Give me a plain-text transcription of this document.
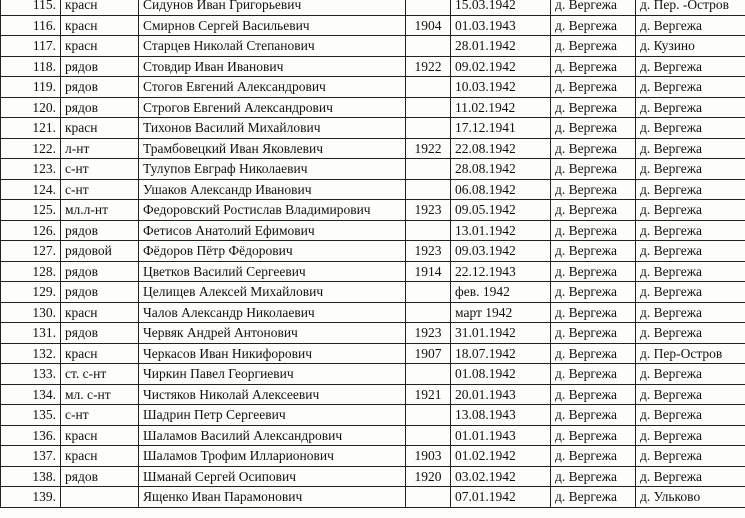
115.	красн	Сидунов Иван Григорьевич		15.03.1942	д. Вергежа	д. Пер. -Остров
116.	красн	Смирнов Сергей Васильевич	1904	01.03.1943	д. Вергежа	д. Вергежа
117.	красн	Старцев Николай Степанович		28.01.1942	д. Вергежа	д. Кузино
118.	рядов	Стовдир Иван Иванович	1922	09.02.1942	д. Вергежа	д. Вергежа
119.	рядов	Стогов Евгений Александрович		10.03.1942	д. Вергежа	д. Вергежа
120.	рядов	Строгов Евгений Александрович		11.02.1942	д. Вергежа	д. Вергежа
121.	красн	Тихонов Василий Михайлович		17.12.1941	д. Вергежа	д. Вергежа
122.	л-нт	Трамбовецкий Иван Яковлевич	1922	22.08.1942	д. Вергежа	д. Вергежа
123.	с-нт	Тулупов Евграф Николаевич		28.08.1942	д. Вергежа	д. Вергежа
124.	с-нт	Ушаков Александр Иванович		06.08.1942	д. Вергежа	д. Вергежа
125.	мл.л-нт	Федоровский Ростислав Владимирович	1923	09.05.1942	д. Вергежа	д. Вергежа
126.	рядов	Фетисов Анатолий Ефимович		13.01.1942	д. Вергежа	д. Вергежа
127.	рядовой	Фёдоров Пётр Фёдорович	1923	09.03.1942	д. Вергежа	д. Вергежа
128.	рядов	Цветков Василий Сергеевич	1914	22.12.1943	д. Вергежа	д. Вергежа
129.	рядов	Целищев Алексей Михайлович		фев. 1942	д. Вергежа	д. Вергежа
130.	красн	Чалов Александр Николаевич		март 1942	д. Вергежа	д. Вергежа
131.	рядов	Червяк Андрей Антонович	1923	31.01.1942	д. Вергежа	д. Вергежа
132.	красн	Черкасов Иван Никифорович	1907	18.07.1942	д. Вергежа	д. Пер-Остров
133.	ст. с-нт	Чиркин Павел Георгиевич		01.08.1942	д. Вергежа	д. Вергежа
134.	мл. с-нт	Чистяков Николай Алексеевич	1921	20.01.1943	д. Вергежа	д. Вергежа
135.	с-нт	Шадрин Петр Сергеевич		13.08.1943	д. Вергежа	д. Вергежа
136.	красн	Шаламов Василий Александрович		01.01.1943	д. Вергежа	д. Вергежа
137.	красн	Шаламов Трофим Илларионович	1903	01.02.1942	д. Вергежа	д. Вергежа
138.	рядов	Шманай Сергей Осипович	1920	03.02.1942	д. Вергежа	д. Вергежа
139.		Ященко Иван Парамонович		07.01.1942	д. Вергежа	д. Ульково
